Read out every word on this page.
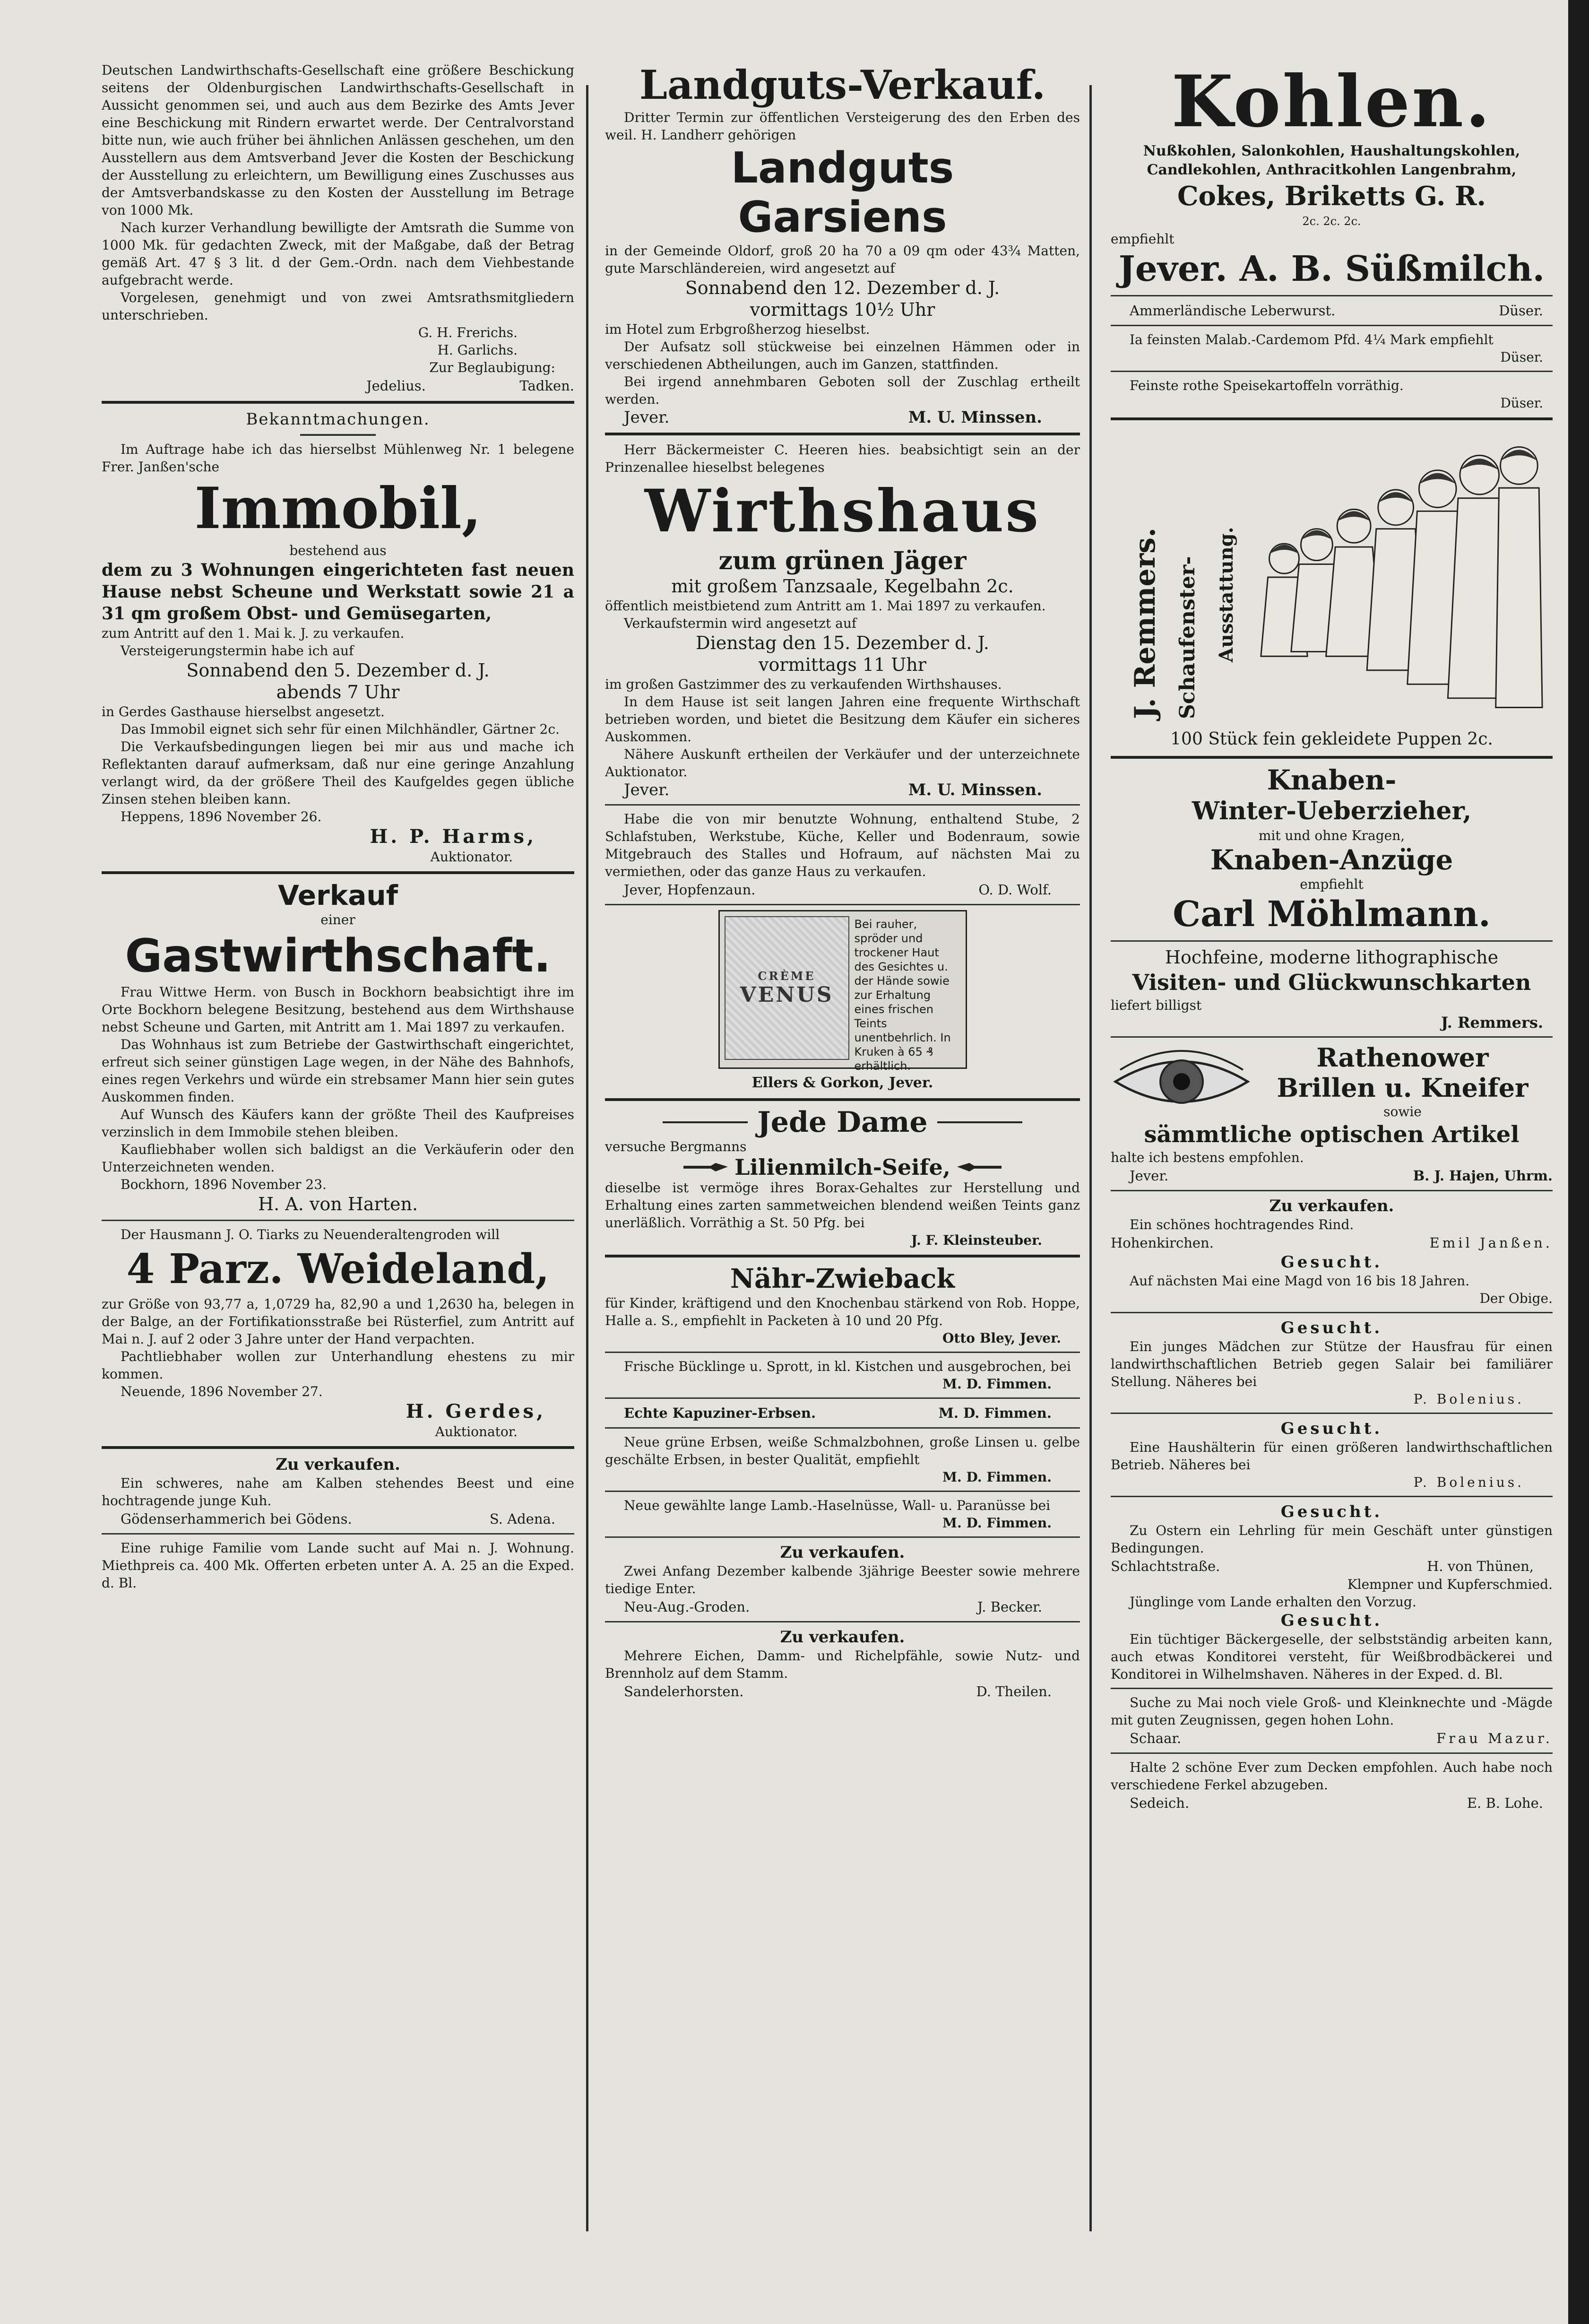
Deutschen Landwirthschafts-Gesellschaft eine größere Beschickung seitens der Oldenburgischen Landwirthschafts-Gesellschaft in Aussicht genommen sei, und auch aus dem Bezirke des Amts Jever eine Beschickung mit Rindern erwartet werde. Der Centralvorstand bitte nun, wie auch früher bei ähnlichen Anlässen geschehen, um den Ausstellern aus dem Amtsverband Jever die Kosten der Beschickung der Ausstellung zu erleichtern, um Bewilligung eines Zuschusses aus der Amtsverbandskasse zu den Kosten der Ausstellung im Betrage von 1000 Mk.

Nach kurzer Verhandlung bewilligte der Amtsrath die Summe von 1000 Mk. für gedachten Zweck, mit der Maßgabe, daß der Betrag gemäß Art. 47 § 3 lit. d der Gem.-Ordn. nach dem Viehbestande aufgebracht werde.

Vorgelesen, genehmigt und von zwei Amtsrathsmitgliedern unterschrieben.

G. H. Frerichs.

H. Garlichs.

Zur Beglaubigung:

Jedelius.	Tadken.

Bekanntmachungen.

Im Auftrage habe ich das hierselbst Mühlenweg Nr. 1 belegene Frer. Janßen'sche

Immobil,

bestehend aus

dem zu 3 Wohnungen eingerichteten fast neuen Hause nebst Scheune und Werkstatt sowie 21 a 31 qm großem Obst- und Gemüsegarten,

zum Antritt auf den 1. Mai k. J. zu verkaufen.

Versteigerungstermin habe ich auf

Sonnabend den 5. Dezember d. J.

abends 7 Uhr

in Gerdes Gasthause hierselbst angesetzt.

Das Immobil eignet sich sehr für einen Milchhändler, Gärtner 2c.

Die Verkaufsbedingungen liegen bei mir aus und mache ich Reflektanten darauf aufmerksam, daß nur eine geringe Anzahlung verlangt wird, da der größere Theil des Kaufgeldes gegen übliche Zinsen stehen bleiben kann.

Heppens, 1896 November 26.

H. P. Harms,

Auktionator.

Verkauf

einer

Gastwirthschaft.

Frau Wittwe Herm. von Busch in Bockhorn beabsichtigt ihre im Orte Bockhorn belegene Besitzung, bestehend aus dem Wirthshause nebst Scheune und Garten, mit Antritt am 1. Mai 1897 zu verkaufen.

Das Wohnhaus ist zum Betriebe der Gastwirthschaft eingerichtet, erfreut sich seiner günstigen Lage wegen, in der Nähe des Bahnhofs, eines regen Verkehrs und würde ein strebsamer Mann hier sein gutes Auskommen finden.

Auf Wunsch des Käufers kann der größte Theil des Kaufpreises verzinslich in dem Immobile stehen bleiben.

Kaufliebhaber wollen sich baldigst an die Verkäuferin oder den Unterzeichneten wenden.

Bockhorn, 1896 November 23.

H. A. von Harten.

Der Hausmann J. O. Tiarks zu Neuenderaltengroden will

4 Parz. Weideland,

zur Größe von 93,77 a, 1,0729 ha, 82,90 a und 1,2630 ha, belegen in der Balge, an der Fortifikationsstraße bei Rüsterfiel, zum Antritt auf Mai n. J. auf 2 oder 3 Jahre unter der Hand verpachten.

Pachtliebhaber wollen zur Unterhandlung ehestens zu mir kommen.

Neuende, 1896 November 27.

H. Gerdes,

Auktionator.

Zu verkaufen.

Ein schweres, nahe am Kalben stehendes Beest und eine hochtragende junge Kuh.

Gödenserhammerich bei Gödens.	S. Adena.

Eine ruhige Familie vom Lande sucht auf Mai n. J. Wohnung. Miethpreis ca. 400 Mk. Offerten erbeten unter A. A. 25 an die Exped. d. Bl.

Landguts-Verkauf.

Dritter Termin zur öffentlichen Versteigerung des den Erben des weil. H. Landherr gehörigen

Landguts

Garsiens

in der Gemeinde Oldorf, groß 20 ha 70 a 09 qm oder 43¾ Matten, gute Marschländereien, wird angesetzt auf

Sonnabend den 12. Dezember d. J.

vormittags 10½ Uhr

im Hotel zum Erbgroßherzog hieselbst.

Der Aufsatz soll stückweise bei einzelnen Hämmen oder in verschiedenen Abtheilungen, auch im Ganzen, stattfinden.

Bei irgend annehmbaren Geboten soll der Zuschlag ertheilt werden.

Jever.	M. U. Minssen.

Herr Bäckermeister C. Heeren hies. beabsichtigt sein an der Prinzenallee hieselbst belegenes

Wirthshaus

zum grünen Jäger

mit großem Tanzsaale, Kegelbahn 2c.

öffentlich meistbietend zum Antritt am 1. Mai 1897 zu verkaufen.

Verkaufstermin wird angesetzt auf

Dienstag den 15. Dezember d. J.

vormittags 11 Uhr

im großen Gastzimmer des zu verkaufenden Wirthshauses.

In dem Hause ist seit langen Jahren eine frequente Wirthschaft betrieben worden, und bietet die Besitzung dem Käufer ein sicheres Auskommen.

Nähere Auskunft ertheilen der Verkäufer und der unterzeichnete Auktionator.

Jever.	M. U. Minssen.

Habe die von mir benutzte Wohnung, enthaltend Stube, 2 Schlafstuben, Werkstube, Küche, Keller und Bodenraum, sowie Mitgebrauch des Stalles und Hofraum, auf nächsten Mai zu vermiethen, oder das ganze Haus zu verkaufen.

Jever, Hopfenzaun.	O. D. Wolf.
CRÈME
VENUS
Bei rauher, spröder und trockener Haut des Gesichtes u. der Hände sowie zur Erhaltung eines frischen Teints unentbehrlich. In Kruken à 65 ₰ erhältlich.

Ellers & Gorkon, Jever.

Jede Dame

versuche Bergmanns

Lilienmilch-Seife,

dieselbe ist vermöge ihres Borax-Gehaltes zur Herstellung und Erhaltung eines zarten sammetweichen blendend weißen Teints ganz unerläßlich. Vorräthig a St. 50 Pfg. bei

J. F. Kleinsteuber.

Nähr-Zwieback

für Kinder, kräftigend und den Knochenbau stärkend von Rob. Hoppe, Halle a. S., empfiehlt in Packeten à 10 und 20 Pfg.

Otto Bley, Jever.

Frische Bücklinge u. Sprott, in kl. Kistchen und ausgebrochen, bei

M. D. Fimmen.

Echte Kapuziner-Erbsen.	M. D. Fimmen.

Neue grüne Erbsen, weiße Schmalzbohnen, große Linsen u. gelbe geschälte Erbsen, in bester Qualität, empfiehlt

M. D. Fimmen.

Neue gewählte lange Lamb.-Haselnüsse, Wall- u. Paranüsse bei

M. D. Fimmen.

Zu verkaufen.

Zwei Anfang Dezember kalbende 3jährige Beester sowie mehrere tiedige Enter.

Neu-Aug.-Groden.	J. Becker.

Zu verkaufen.

Mehrere Eichen, Damm- und Richelpfähle, sowie Nutz- und Brennholz auf dem Stamm.

Sandelerhorsten.	D. Theilen.

Kohlen.

Nußkohlen, Salonkohlen, Haushaltungskohlen, Candlekohlen, Anthracitkohlen Langenbrahm,

Cokes, Briketts G. R.

2c. 2c. 2c.

empfiehlt

Jever. A. B. Süßmilch.

Ammerländische Leberwurst.	Düser.

Ia feinsten Malab.-Cardemom Pfd. 4¼ Mark empfiehlt

Düser.

Feinste rothe Speisekartoffeln vorräthig.

Düser.

J. Remmers. Schaufenster- Ausstattung.

100 Stück fein gekleidete Puppen 2c.

Knaben-

Winter-Ueberzieher,

mit und ohne Kragen,

Knaben-Anzüge

empfiehlt

Carl Möhlmann.

Hochfeine, moderne lithographische

Visiten- und Glückwunschkarten

liefert billigst

J. Remmers.

Rathenower

Brillen u. Kneifer

sowie

sämmtliche optischen Artikel

halte ich bestens empfohlen.

Jever.	B. J. Hajen, Uhrm.

Zu verkaufen.

Ein schönes hochtragendes Rind.

Hohenkirchen.	Emil Janßen.

Gesucht.

Auf nächsten Mai eine Magd von 16 bis 18 Jahren.

Der Obige.

Gesucht.

Ein junges Mädchen zur Stütze der Hausfrau für einen landwirthschaftlichen Betrieb gegen Salair bei familiärer Stellung. Näheres bei

P. Bolenius.

Gesucht.

Eine Haushälterin für einen größeren landwirthschaftlichen Betrieb. Näheres bei

P. Bolenius.

Gesucht.

Zu Ostern ein Lehrling für mein Geschäft unter günstigen Bedingungen.

Schlachtstraße.	H. von Thünen,

Klempner und Kupferschmied.

Jünglinge vom Lande erhalten den Vorzug.

Gesucht.

Ein tüchtiger Bäckergeselle, der selbstständig arbeiten kann, auch etwas Konditorei versteht, für Weißbrodbäckerei und Konditorei in Wilhelmshaven. Näheres in der Exped. d. Bl.

Suche zu Mai noch viele Groß- und Kleinknechte und -Mägde mit guten Zeugnissen, gegen hohen Lohn.

Schaar.	Frau Mazur.

Halte 2 schöne Ever zum Decken empfohlen. Auch habe noch verschiedene Ferkel abzugeben.

Sedeich.	E. B. Lohe.
